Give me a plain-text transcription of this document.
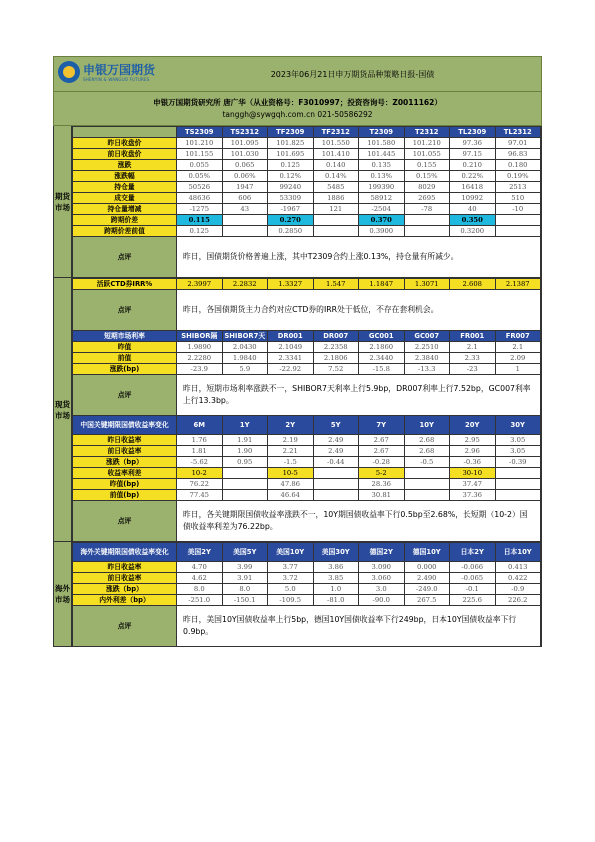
申银万国期货
SHENYIN & WANGUO FUTURES
2023年06月21日申万期货品种策略日报-国债
申银万国期货研究所 唐广华（从业资格号：F3010997；投资咨询号：Z0011162）
tanggh@sywgqh.com.cn 021-50586292
期货
市场
	TS2309	TS2312	TF2309	TF2312	T2309	T2312	TL2309	TL2312
昨日收盘价	101.210	101.095	101.825	101.550	101.580	101.210	97.36	97.01
前日收盘价	101.155	101.030	101.695	101.410	101.445	101.055	97.15	96.83
涨跌	0.055	0.065	0.125	0.140	0.135	0.155	0.210	0.180
涨跌幅	0.05%	0.06%	0.12%	0.14%	0.13%	0.15%	0.22%	0.19%
持仓量	50526	1947	99240	5485	199390	8029	16418	2513
成交量	48636	606	53309	1886	58912	2695	10992	510
持仓量增减	-1275	43	-1967	121	-2504	-78	40	-10
跨期价差	0.115		0.270		0.370		0.350	
跨期价差前值	0.125		0.2850		0.3900		0.3200	
点评	昨日，国债期货价格普遍上涨，其中T2309合约上涨0.13%，持仓量有所减少。							
现货
市场
活跃CTD券IRR%	2.3997	2.2832	1.3327	1.547	1.1847	1.3071	2.608	2.1387
点评	昨日，各国债期货主力合约对应CTD券的IRR处于低位，不存在套利机会。							
短期市场利率	SHIBOR隔	SHIBOR7天	DR001	DR007	GC001	GC007	FR001	FR007
昨值	1.9890	2.0430	2.1049	2.2358	2.1860	2.2510	2.1	2.1
前值	2.2280	1.9840	2.3341	2.1806	2.3440	2.3840	2.33	2.09
涨跌(bp)	-23.9	5.9	-22.92	7.52	-15.8	-13.3	-23	1
点评	昨日，短期市场利率涨跌不一，SHIBOR7天利率上行5.9bp，DR007利率上行7.52bp，GC007利率上行13.3bp。							
中国关键期限国债收益率变化	6M	1Y	2Y	5Y	7Y	10Y	20Y	30Y
昨日收益率	1.76	1.91	2.19	2.49	2.67	2.68	2.95	3.05
前日收益率	1.81	1.90	2.21	2.49	2.67	2.68	2.96	3.05
涨跌（bp）	-5.62	0.95	-1.5	-0.44	-0.28	-0.5	-0.36	-0.39
收益率利差	10-2		10-5		5-2		30-10	
昨值(bp)	76.22		47.86		28.36		37.47	
前值(bp)	77.45		46.64		30.81		37.36	
点评	昨日，各关键期限国债收益率涨跌不一，10Y期国债收益率下行0.5bp至2.68%，长短期（10-2）国债收益率利差为76.22bp。							
海外
市场
海外关键期限国债收益率变化	美国2Y	美国5Y	美国10Y	美国30Y	德国2Y	德国10Y	日本2Y	日本10Y
昨日收益率	4.70	3.99	3.77	3.86	3.090	0.000	-0.066	0.413
前日收益率	4.62	3.91	3.72	3.85	3.060	2.490	-0.065	0.422
涨跌（bp）	8.0	8.0	5.0	1.0	3.0	-249.0	-0.1	-0.9
内外利差（bp）	-251.0	-150.1	-109.5	-81.0	-90.0	267.5	225.6	226.2
点评	昨日，美国10Y国债收益率上行5bp，德国10Y国债收益率下行249bp，日本10Y国债收益率下行0.9bp。							
